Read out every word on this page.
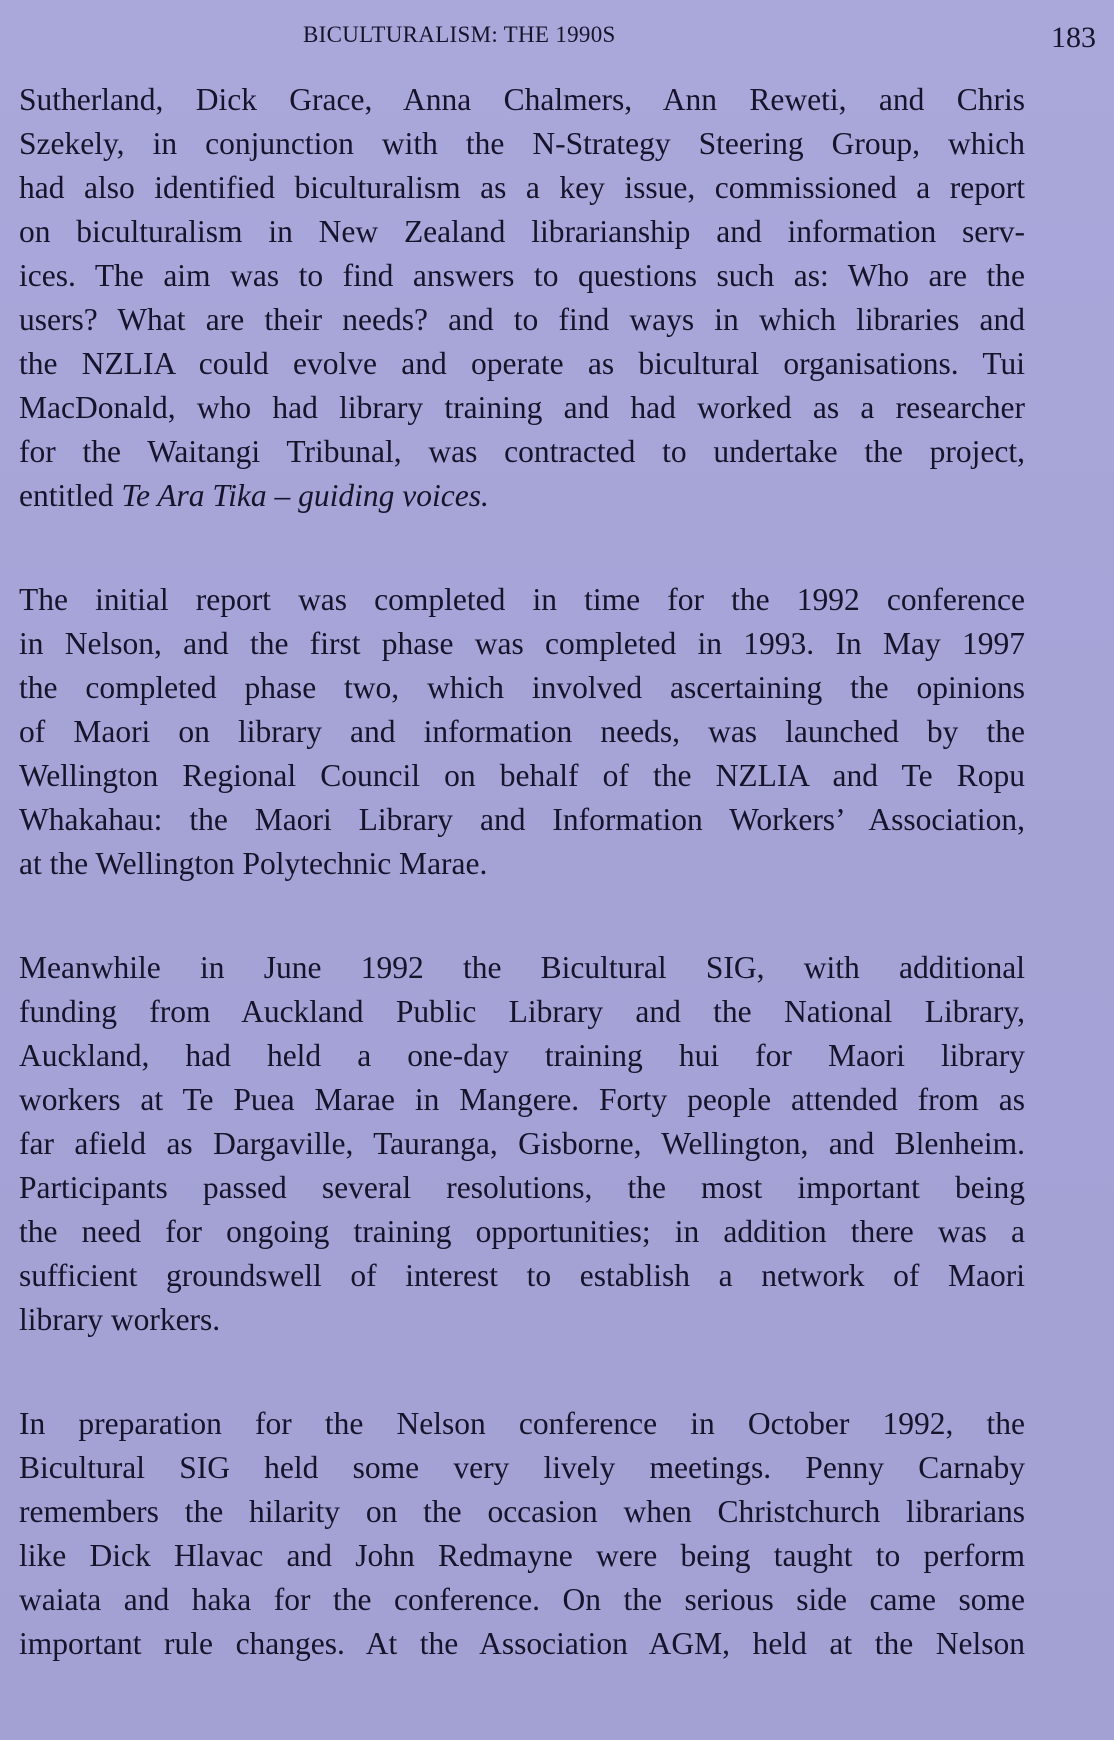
BICULTURALISM: THE 1990S	183

Sutherland, Dick Grace, Anna Chalmers, Ann Reweti, and Chris
Szekely, in conjunction with the N-Strategy Steering Group, which
had also identified biculturalism as a key issue, commissioned a report
on biculturalism in New Zealand librarianship and information serv-
ices. The aim was to find answers to questions such as: Who are the
users? What are their needs? and to find ways in which libraries and
the NZLIA could evolve and operate as bicultural organisations. Tui
MacDonald, who had library training and had worked as a researcher
for the Waitangi Tribunal, was contracted to undertake the project,
entitled Te Ara Tika – guiding voices.

The initial report was completed in time for the 1992 conference
in Nelson, and the first phase was completed in 1993. In May 1997
the completed phase two, which involved ascertaining the opinions
of Maori on library and information needs, was launched by the
Wellington Regional Council on behalf of the NZLIA and Te Ropu
Whakahau: the Maori Library and Information Workers’ Association,
at the Wellington Polytechnic Marae.

Meanwhile in June 1992 the Bicultural SIG, with additional
funding from Auckland Public Library and the National Library,
Auckland, had held a one-day training hui for Maori library
workers at Te Puea Marae in Mangere. Forty people attended from as
far afield as Dargaville, Tauranga, Gisborne, Wellington, and Blenheim.
Participants passed several resolutions, the most important being
the need for ongoing training opportunities; in addition there was a
sufficient groundswell of interest to establish a network of Maori
library workers.

In preparation for the Nelson conference in October 1992, the
Bicultural SIG held some very lively meetings. Penny Carnaby
remembers the hilarity on the occasion when Christchurch librarians
like Dick Hlavac and John Redmayne were being taught to perform
waiata and haka for the conference. On the serious side came some
important rule changes. At the Association AGM, held at the Nelson
